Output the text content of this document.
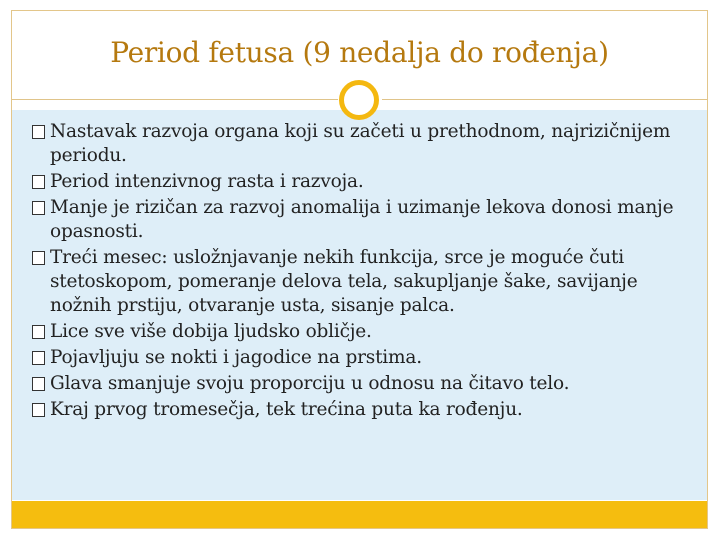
Period fetusa (9 nedalja do rođenja)
Nastavak razvoja organa koji su začeti u prethodnom, najrizičnijem periodu.
Period intenzivnog rasta i razvoja.
Manje je rizičan za razvoj anomalija i uzimanje lekova donosi manje opasnosti.
Treći mesec: usložnjavanje nekih funkcija, srce je moguće čuti stetoskopom, pomeranje delova tela, sakupljanje šake, savijanje nožnih prstiju, otvaranje usta, sisanje palca.
Lice sve više dobija ljudsko obličje.
Pojavljuju se nokti i jagodice na prstima.
Glava smanjuje svoju proporciju u odnosu na čitavo telo.
Kraj prvog tromesečja, tek trećina puta ka rođenju.
